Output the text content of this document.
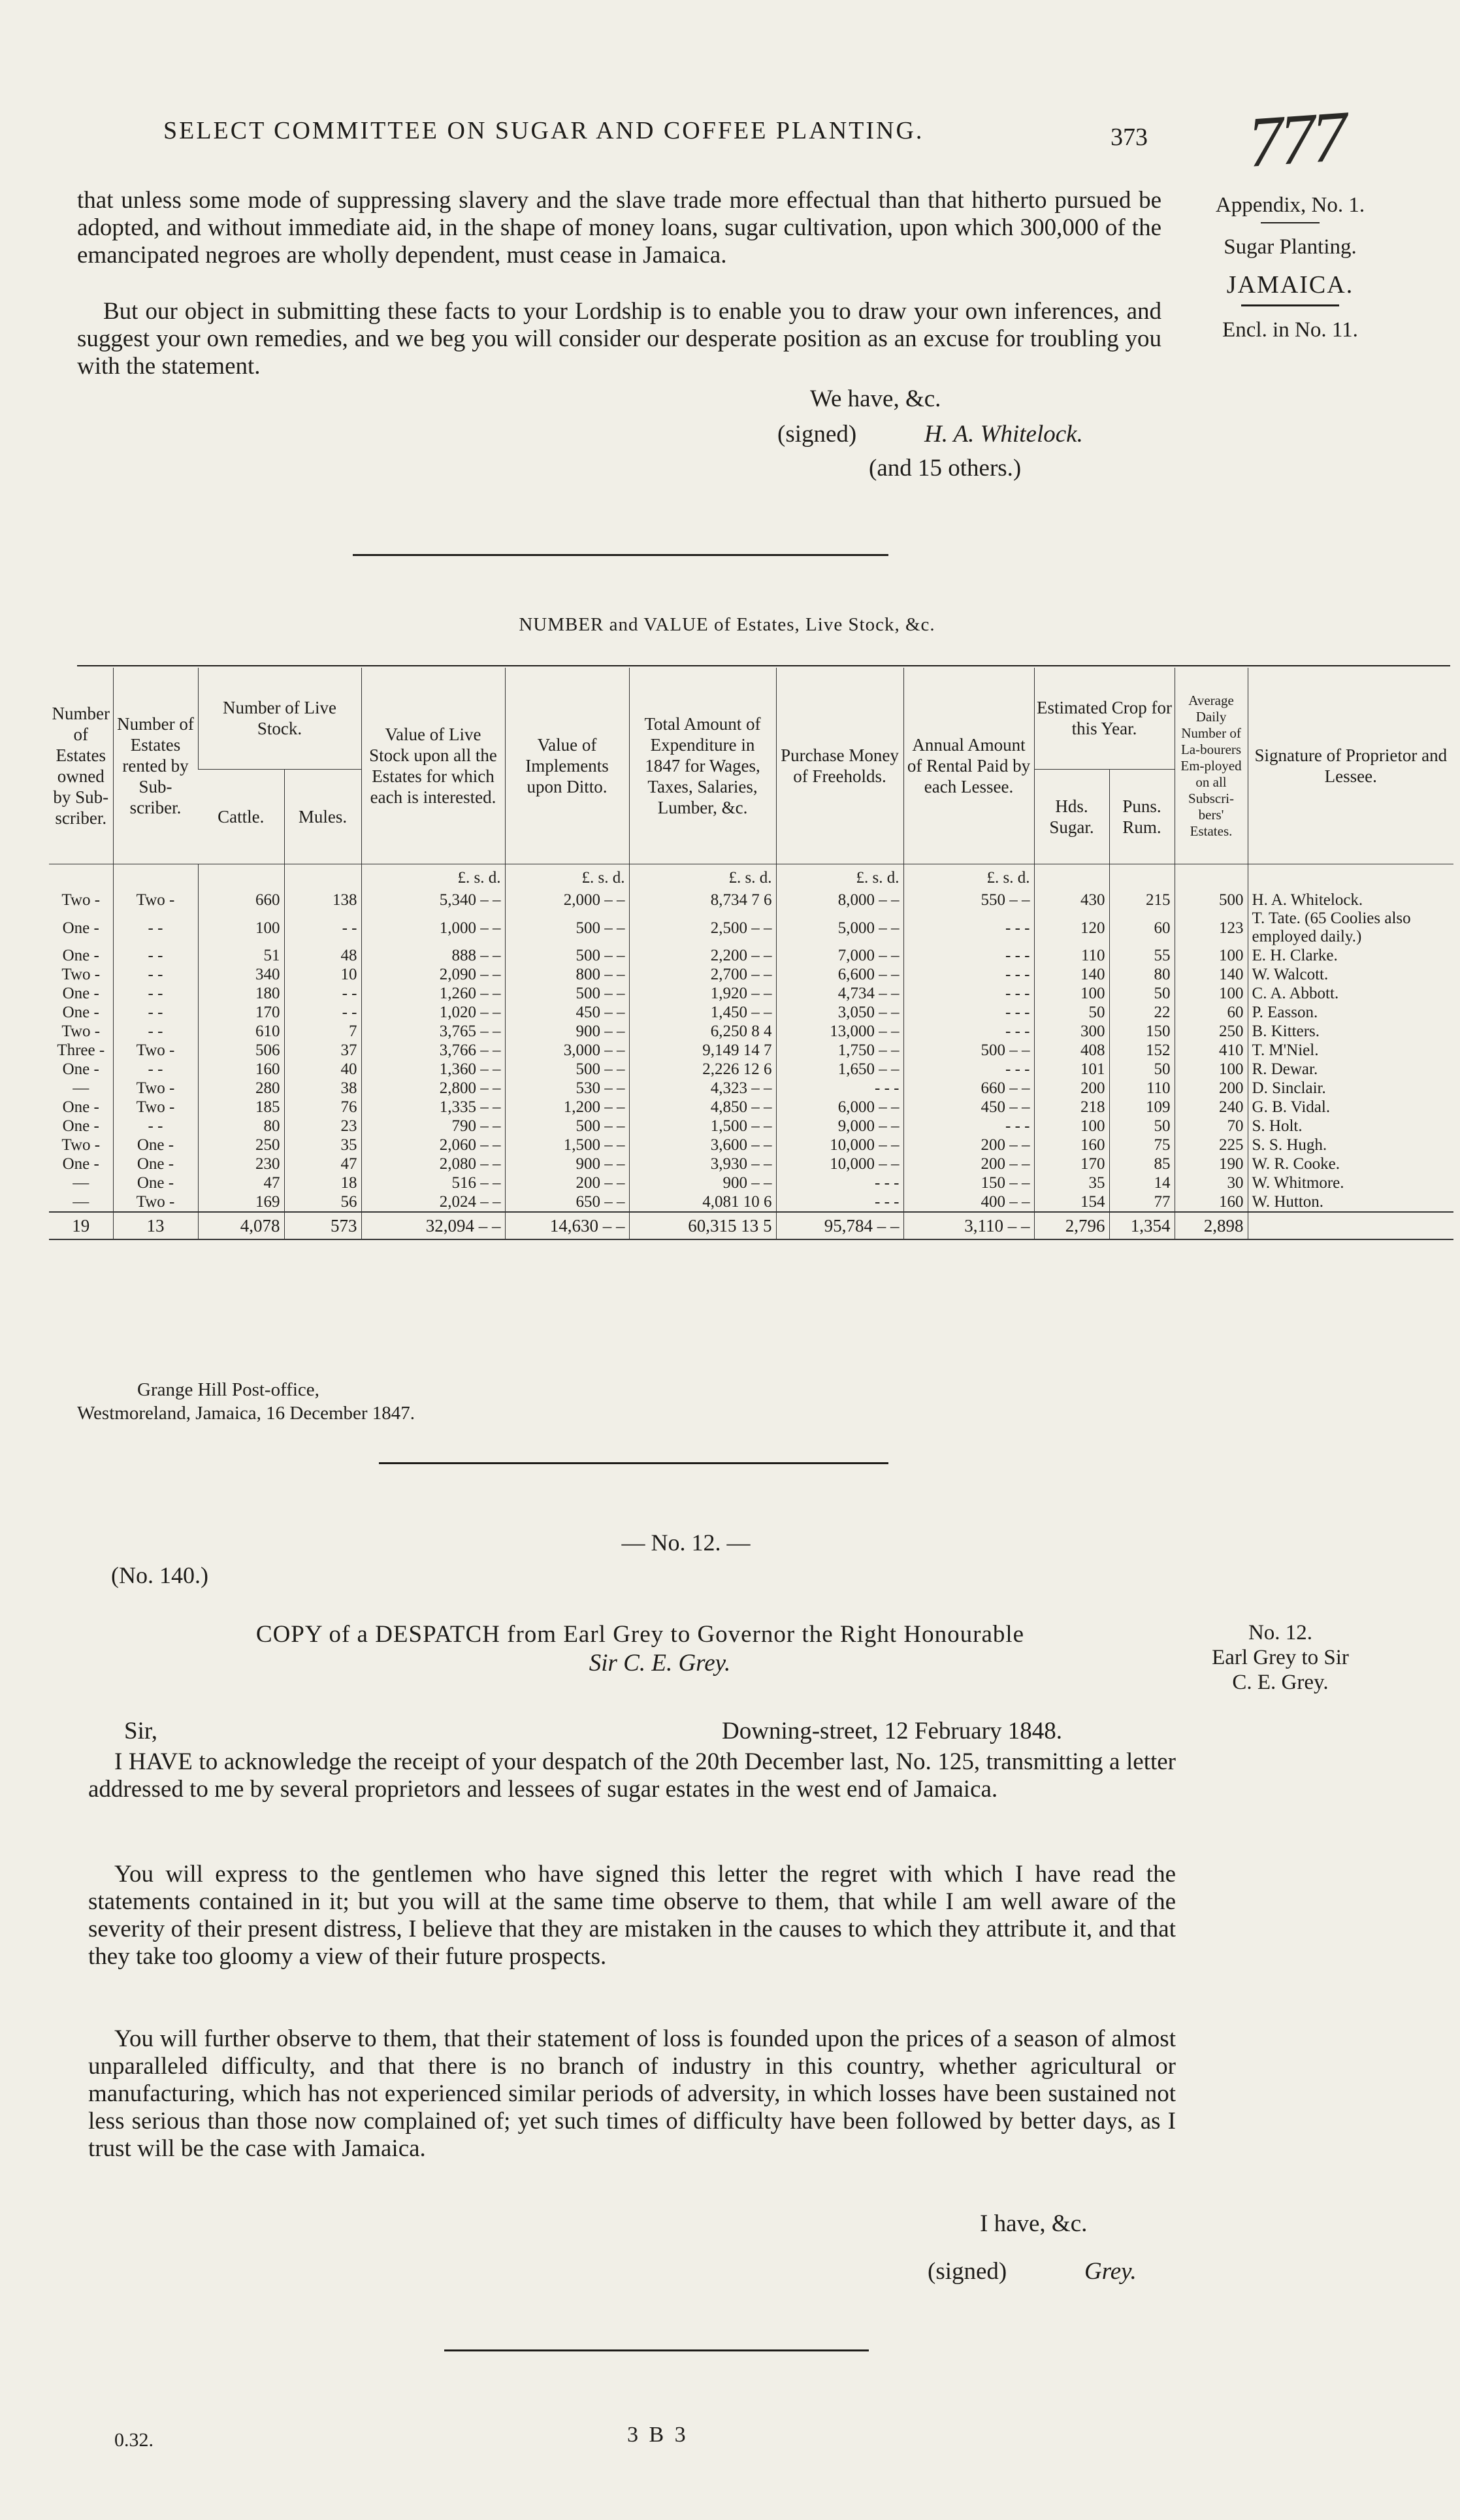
SELECT COMMITTEE ON SUGAR AND COFFEE PLANTING.	373 777
Appendix, No. 1.
Sugar Planting.
JAMAICA.
Encl. in No. 11.
that unless some mode of suppressing slavery and the slave trade more effectual than that hitherto pursued be adopted, and without immediate aid, in the shape of money loans, sugar cultivation, upon which 300,000 of the emancipated negroes are wholly dependent, must cease in Jamaica.
But our object in submitting these facts to your Lordship is to enable you to draw your own inferences, and suggest your own remedies, and we beg you will consider our desperate position as an excuse for troubling you with the statement.
We have, &c.
(signed)	H. A. Whitelock.
(and 15 others.)
NUMBER and VALUE of Estates, Live Stock, &c.
Number of Estates owned by Sub-scriber.	Number of Estates rented by Sub-scriber.	Number of Live Stock.		Value of Live Stock upon all the Estates for which each is interested.	Value of Implements upon Ditto.	Total Amount of Expenditure in 1847 for Wages, Taxes, Salaries, Lumber, &c.	Purchase Money of Freeholds.	Annual Amount of Rental Paid by each Lessee.	Estimated Crop for this Year.		Average Daily Number of La-bourers Em-ployed on all Subscri-bers' Estates.	Signature of Proprietor and Lessee.
		Cattle.	Mules.						Hds. Sugar.	Puns. Rum.		
				£. s. d.	£. s. d.	£. s. d.	£. s. d.	£. s. d.				
Two -	Two -	660	138	5,340 – –	2,000 – –	8,734 7 6	8,000 – –	550 – –	430	215	500	H. A. Whitelock.
One -	- -	100	- -	1,000 – –	500 – –	2,500 – –	5,000 – –	- - -	120	60	123	T. Tate. (65 Coolies also employed daily.)
One -	- -	51	48	888 – –	500 – –	2,200 – –	7,000 – –	- - -	110	55	100	E. H. Clarke.
Two -	- -	340	10	2,090 – –	800 – –	2,700 – –	6,600 – –	- - -	140	80	140	W. Walcott.
One -	- -	180	- -	1,260 – –	500 – –	1,920 – –	4,734 – –	- - -	100	50	100	C. A. Abbott.
One -	- -	170	- -	1,020 – –	450 – –	1,450 – –	3,050 – –	- - -	50	22	60	P. Easson.
Two -	- -	610	7	3,765 – –	900 – –	6,250 8 4	13,000 – –	- - -	300	150	250	B. Kitters.
Three -	Two -	506	37	3,766 – –	3,000 – –	9,149 14 7	1,750 – –	500 – –	408	152	410	T. M'Niel.
One -	- -	160	40	1,360 – –	500 – –	2,226 12 6	1,650 – –	- - -	101	50	100	R. Dewar.
—	Two -	280	38	2,800 – –	530 – –	4,323 – –	- - -	660 – –	200	110	200	D. Sinclair.
One -	Two -	185	76	1,335 – –	1,200 – –	4,850 – –	6,000 – –	450 – –	218	109	240	G. B. Vidal.
One -	- -	80	23	790 – –	500 – –	1,500 – –	9,000 – –	- - -	100	50	70	S. Holt.
Two -	One -	250	35	2,060 – –	1,500 – –	3,600 – –	10,000 – –	200 – –	160	75	225	S. S. Hugh.
One -	One -	230	47	2,080 – –	900 – –	3,930 – –	10,000 – –	200 – –	170	85	190	W. R. Cooke.
—	One -	47	18	516 – –	200 – –	900 – –	- - -	150 – –	35	14	30	W. Whitmore.
—	Two -	169	56	2,024 – –	650 – –	4,081 10 6	- - -	400 – –	154	77	160	W. Hutton.
19	13	4,078	573	32,094 – –	14,630 – –	60,315 13 5	95,784 – –	3,110 – –	2,796	1,354	2,898	
Grange Hill Post-office,
Westmoreland, Jamaica, 16 December 1847.
— No. 12. —
(No. 140.)
COPY of a DESPATCH from Earl Grey to Governor the Right Honourable
Sir C. E. Grey.
No. 12.
Earl Grey to Sir
C. E. Grey.
Sir,	Downing-street, 12 February 1848.
I HAVE to acknowledge the receipt of your despatch of the 20th December last, No. 125, transmitting a letter addressed to me by several proprietors and lessees of sugar estates in the west end of Jamaica.
You will express to the gentlemen who have signed this letter the regret with which I have read the statements contained in it; but you will at the same time observe to them, that while I am well aware of the severity of their present distress, I believe that they are mistaken in the causes to which they attribute it, and that they take too gloomy a view of their future prospects.
You will further observe to them, that their statement of loss is founded upon the prices of a season of almost unparalleled difficulty, and that there is no branch of industry in this country, whether agricultural or manufacturing, which has not experienced similar periods of adversity, in which losses have been sustained not less serious than those now complained of; yet such times of difficulty have been followed by better days, as I trust will be the case with Jamaica.
I have, &c.
(signed)	Grey.
0.32.	3 B 3
